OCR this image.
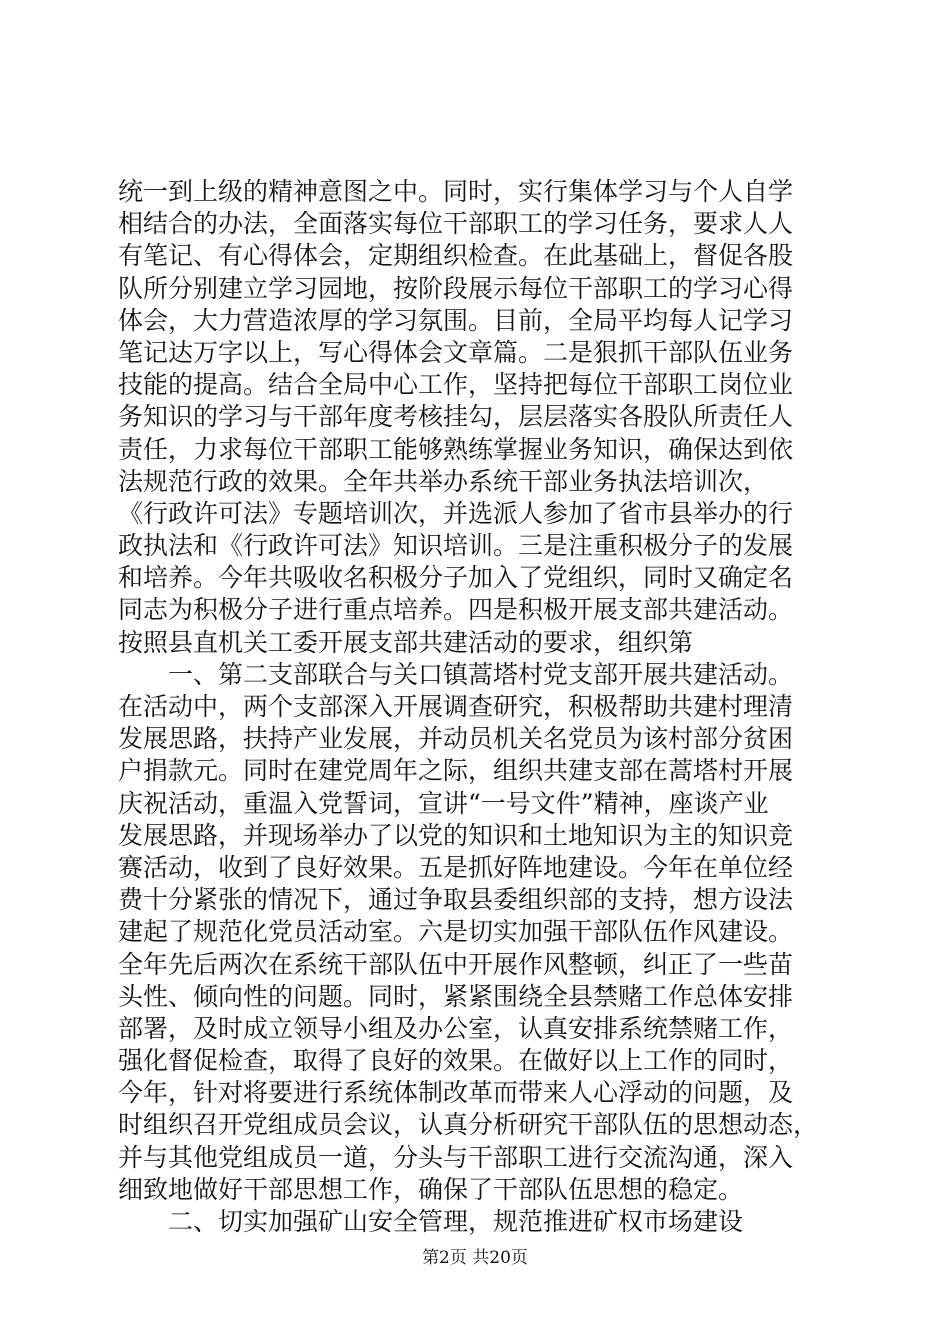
统一到上级的精神意图之中。同时，实行集体学习与个人自学
相结合的办法，全面落实每位干部职工的学习任务，要求人人
有笔记、有心得体会，定期组织检查。在此基础上，督促各股
队所分别建立学习园地，按阶段展示每位干部职工的学习心得
体会，大力营造浓厚的学习氛围。目前，全局平均每人记学习
笔记达万字以上，写心得体会文章篇。二是狠抓干部队伍业务
技能的提高。结合全局中心工作，坚持把每位干部职工岗位业
务知识的学习与干部年度考核挂勾，层层落实各股队所责任人
责任，力求每位干部职工能够熟练掌握业务知识，确保达到依
法规范行政的效果。全年共举办系统干部业务执法培训次，
《行政许可法》专题培训次，并选派人参加了省市县举办的行
政执法和《行政许可法》知识培训。三是注重积极分子的发展
和培养。今年共吸收名积极分子加入了党组织，同时又确定名
同志为积极分子进行重点培养。四是积极开展支部共建活动。
按照县直机关工委开展支部共建活动的要求，组织第
一、第二支部联合与关口镇蒿塔村党支部开展共建活动。
在活动中，两个支部深入开展调查研究，积极帮助共建村理清
发展思路，扶持产业发展，并动员机关名党员为该村部分贫困
户捐款元。同时在建党周年之际，组织共建支部在蒿塔村开展
庆祝活动，重温入党誓词，宣讲“一号文件”精神，座谈产业
发展思路，并现场举办了以党的知识和土地知识为主的知识竞
赛活动，收到了良好效果。五是抓好阵地建设。今年在单位经
费十分紧张的情况下，通过争取县委组织部的支持，想方设法
建起了规范化党员活动室。六是切实加强干部队伍作风建设。
全年先后两次在系统干部队伍中开展作风整顿，纠正了一些苗
头性、倾向性的问题。同时，紧紧围绕全县禁赌工作总体安排
部署，及时成立领导小组及办公室，认真安排系统禁赌工作，
强化督促检查，取得了良好的效果。在做好以上工作的同时，
今年，针对将要进行系统体制改革而带来人心浮动的问题，及
时组织召开党组成员会议，认真分析研究干部队伍的思想动态，
并与其他党组成员一道，分头与干部职工进行交流沟通，深入
细致地做好干部思想工作，确保了干部队伍思想的稳定。
二、切实加强矿山安全管理，规范推进矿权市场建设
第2页 共20页
